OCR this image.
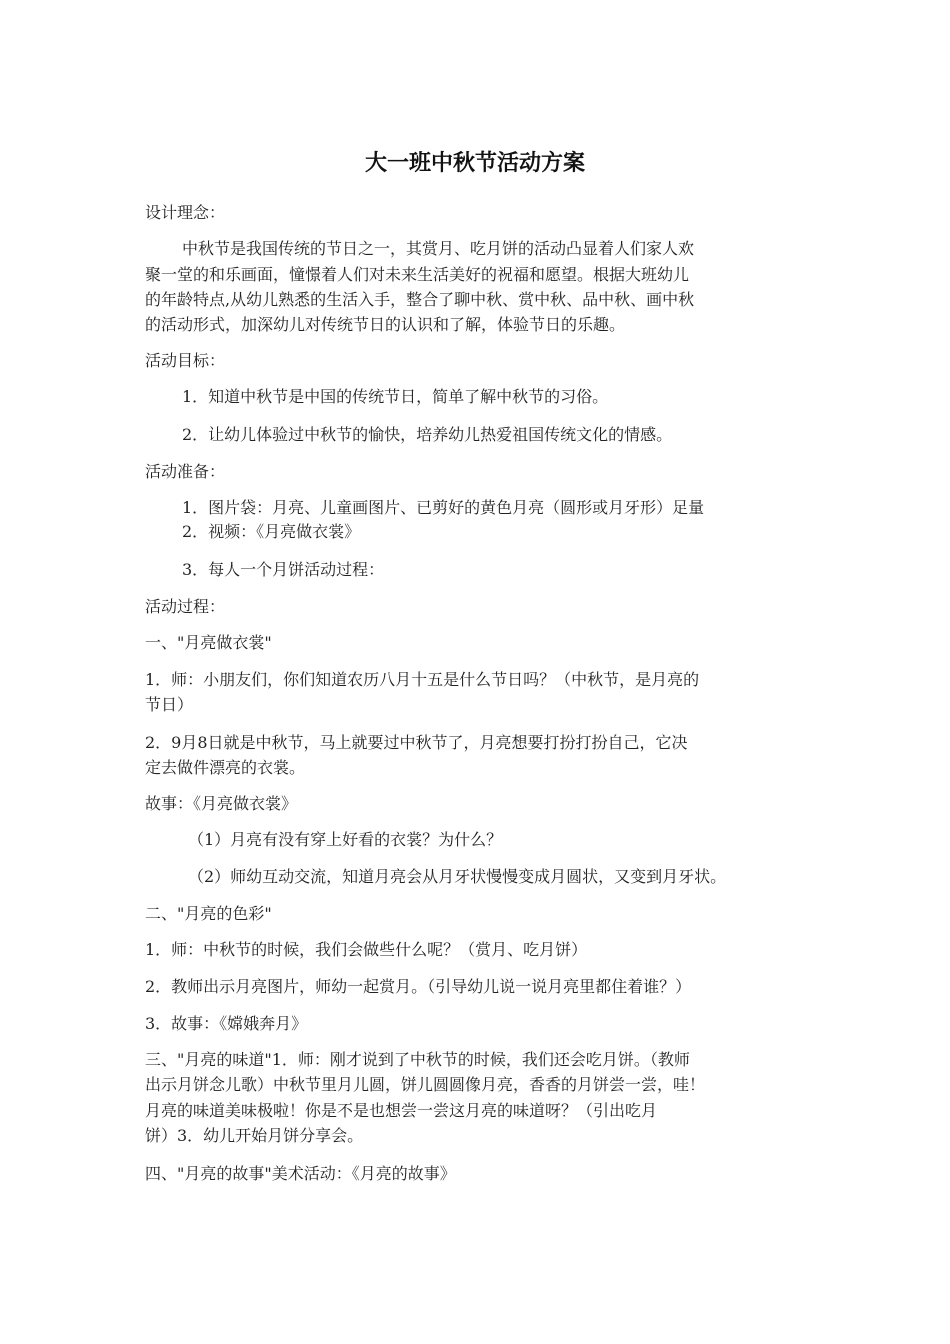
大一班中秋节活动方案
设计理念：
中秋节是我国传统的节日之一，其赏月、吃月饼的活动凸显着人们家人欢
聚一堂的和乐画面，憧憬着人们对未来生活美好的祝福和愿望。根据大班幼儿
的年龄特点,从幼儿熟悉的生活入手，整合了聊中秋、赏中秋、品中秋、画中秋
的活动形式，加深幼儿对传统节日的认识和了解，体验节日的乐趣。
活动目标：
1．知道中秋节是中国的传统节日，简单了解中秋节的习俗。
2．让幼儿体验过中秋节的愉快，培养幼儿热爱祖国传统文化的情感。
活动准备：
1．图片袋：月亮、儿童画图片、已剪好的黄色月亮（圆形或月牙形）足量
2．视频：《月亮做衣裳》
3．每人一个月饼活动过程：
活动过程：
一、"月亮做衣裳"
1．师：小朋友们，你们知道农历八月十五是什么节日吗？（中秋节，是月亮的
节日）
2．9月8日就是中秋节，马上就要过中秋节了，月亮想要打扮打扮自己，它决
定去做件漂亮的衣裳。
故事：《月亮做衣裳》
（1）月亮有没有穿上好看的衣裳？为什么？
（2）师幼互动交流，知道月亮会从月牙状慢慢变成月圆状，又变到月牙状。
二、"月亮的色彩"
1．师：中秋节的时候，我们会做些什么呢？（赏月、吃月饼）
2．教师出示月亮图片，师幼一起赏月。（引导幼儿说一说月亮里都住着谁？）
3．故事：《嫦娥奔月》
三、"月亮的味道"1．师：刚才说到了中秋节的时候，我们还会吃月饼。（教师
出示月饼念儿歌）中秋节里月儿圆，饼儿圆圆像月亮，香香的月饼尝一尝，哇！
月亮的味道美味极啦！你是不是也想尝一尝这月亮的味道呀？（引出吃月
饼）3．幼儿开始月饼分享会。
四、"月亮的故事"美术活动：《月亮的故事》
